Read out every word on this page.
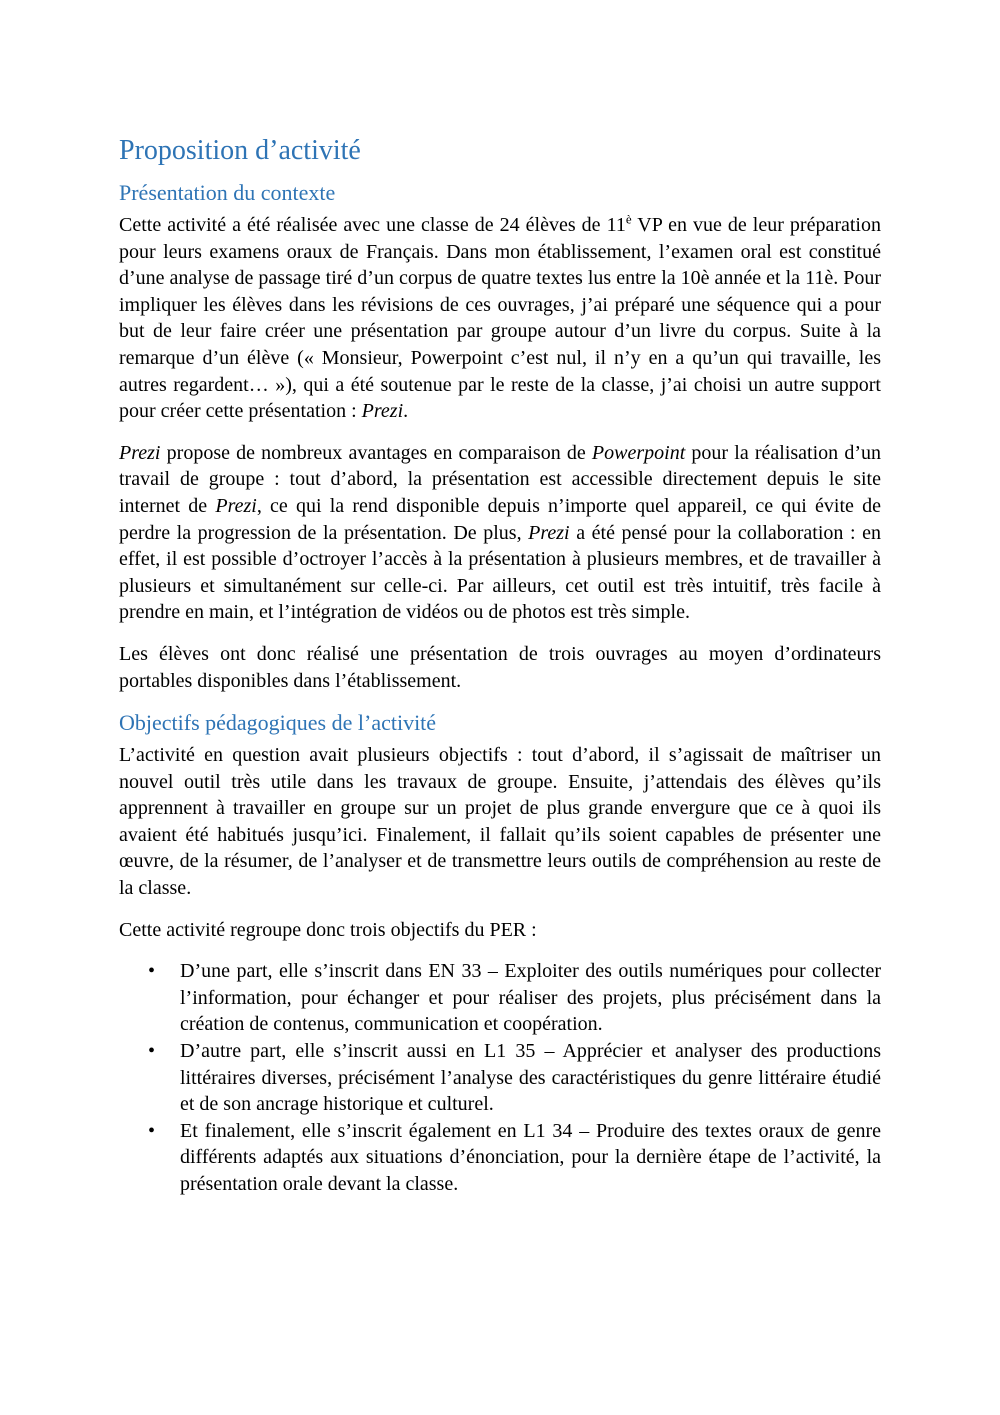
Proposition d’activité
Présentation du contexte

Cette activité a été réalisée avec une classe de 24 élèves de $11^è$ VP en vue de leur préparation pour leurs examens oraux de Français. Dans mon établissement, l’examen oral est constitué d’une analyse de passage tiré d’un corpus de quatre textes lus entre la 10è année et la 11è. Pour impliquer les élèves dans les révisions de ces ouvrages, j’ai préparé une séquence qui a pour but de leur faire créer une présentation par groupe autour d’un livre du corpus. Suite à la remarque d’un élève (« Monsieur, Powerpoint c’est nul, il n’y en a qu’un qui travaille, les autres regardent… »), qui a été soutenue par le reste de la classe, j’ai choisi un autre support pour créer cette présentation : Prezi.

Prezi propose de nombreux avantages en comparaison de Powerpoint pour la réalisation d’un travail de groupe : tout d’abord, la présentation est accessible directement depuis le site internet de Prezi, ce qui la rend disponible depuis n’importe quel appareil, ce qui évite de perdre la progression de la présentation. De plus, Prezi a été pensé pour la collaboration : en effet, il est possible d’octroyer l’accès à la présentation à plusieurs membres, et de travailler à plusieurs et simultanément sur celle-ci. Par ailleurs, cet outil est très intuitif, très facile à prendre en main, et l’intégration de vidéos ou de photos est très simple.

Les élèves ont donc réalisé une présentation de trois ouvrages au moyen d’ordinateurs portables disponibles dans l’établissement.

Objectifs pédagogiques de l’activité

L’activité en question avait plusieurs objectifs : tout d’abord, il s’agissait de maîtriser un nouvel outil très utile dans les travaux de groupe. Ensuite, j’attendais des élèves qu’ils apprennent à travailler en groupe sur un projet de plus grande envergure que ce à quoi ils avaient été habitués jusqu’ici. Finalement, il fallait qu’ils soient capables de présenter une œuvre, de la résumer, de l’analyser et de transmettre leurs outils de compréhension au reste de la classe.

Cette activité regroupe donc trois objectifs du PER :

• D’une part, elle s’inscrit dans EN 33 – Exploiter des outils numériques pour collecter l’information, pour échanger et pour réaliser des projets, plus précisément dans la création de contenus, communication et coopération.
• D’autre part, elle s’inscrit aussi en L1 35 – Apprécier et analyser des productions littéraires diverses, précisément l’analyse des caractéristiques du genre littéraire étudié et de son ancrage historique et culturel.
• Et finalement, elle s’inscrit également en L1 34 – Produire des textes oraux de genre différents adaptés aux situations d’énonciation, pour la dernière étape de l’activité, la présentation orale devant la classe.
